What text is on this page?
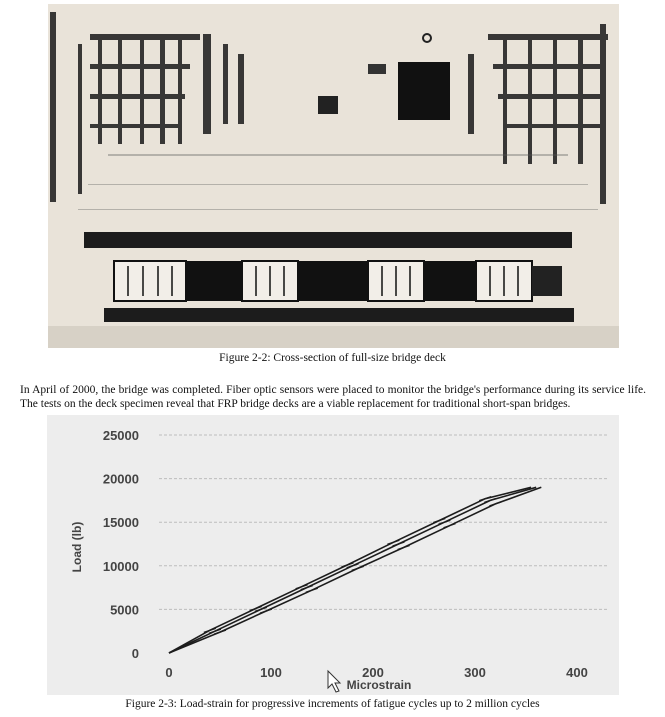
Figure 2-2: Cross-section of full-size bridge deck
In April of 2000, the bridge was completed. Fiber optic sensors were placed to monitor the bridge's performance during its service life. The tests on the deck specimen reveal that FRP bridge decks are a viable replacement for traditional short-span bridges.
0	100	200	300	400
0
5000
10000
15000
20000
25000
Load (lb)
Microstrain
Figure 2-3: Load-strain for progressive increments of fatigue cycles up to 2 million cycles
